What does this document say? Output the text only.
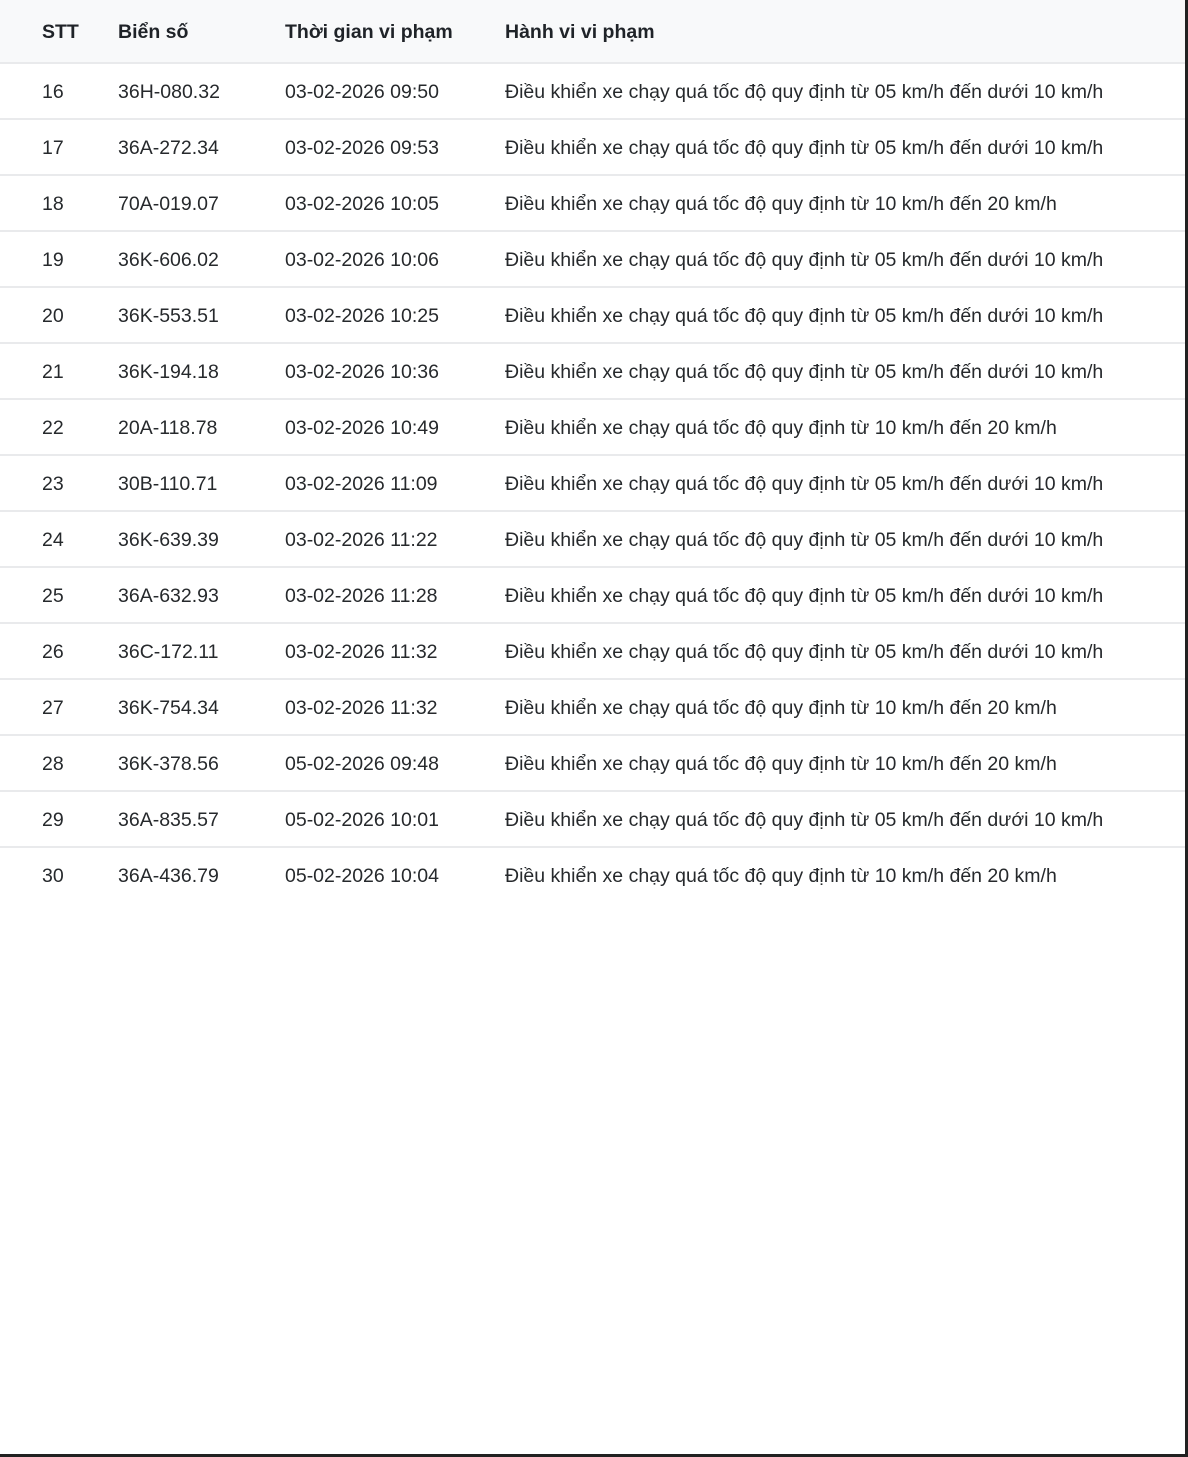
STT	Biển số	Thời gian vi phạm	Hành vi vi phạm
16	36H-080.32	03-02-2026 09:50	Điều khiển xe chạy quá tốc độ quy định từ 05 km/h đến dưới 10 km/h
17	36A-272.34	03-02-2026 09:53	Điều khiển xe chạy quá tốc độ quy định từ 05 km/h đến dưới 10 km/h
18	70A-019.07	03-02-2026 10:05	Điều khiển xe chạy quá tốc độ quy định từ 10 km/h đến 20 km/h
19	36K-606.02	03-02-2026 10:06	Điều khiển xe chạy quá tốc độ quy định từ 05 km/h đến dưới 10 km/h
20	36K-553.51	03-02-2026 10:25	Điều khiển xe chạy quá tốc độ quy định từ 05 km/h đến dưới 10 km/h
21	36K-194.18	03-02-2026 10:36	Điều khiển xe chạy quá tốc độ quy định từ 05 km/h đến dưới 10 km/h
22	20A-118.78	03-02-2026 10:49	Điều khiển xe chạy quá tốc độ quy định từ 10 km/h đến 20 km/h
23	30B-110.71	03-02-2026 11:09	Điều khiển xe chạy quá tốc độ quy định từ 05 km/h đến dưới 10 km/h
24	36K-639.39	03-02-2026 11:22	Điều khiển xe chạy quá tốc độ quy định từ 05 km/h đến dưới 10 km/h
25	36A-632.93	03-02-2026 11:28	Điều khiển xe chạy quá tốc độ quy định từ 05 km/h đến dưới 10 km/h
26	36C-172.11	03-02-2026 11:32	Điều khiển xe chạy quá tốc độ quy định từ 05 km/h đến dưới 10 km/h
27	36K-754.34	03-02-2026 11:32	Điều khiển xe chạy quá tốc độ quy định từ 10 km/h đến 20 km/h
28	36K-378.56	05-02-2026 09:48	Điều khiển xe chạy quá tốc độ quy định từ 10 km/h đến 20 km/h
29	36A-835.57	05-02-2026 10:01	Điều khiển xe chạy quá tốc độ quy định từ 05 km/h đến dưới 10 km/h
30	36A-436.79	05-02-2026 10:04	Điều khiển xe chạy quá tốc độ quy định từ 10 km/h đến 20 km/h
